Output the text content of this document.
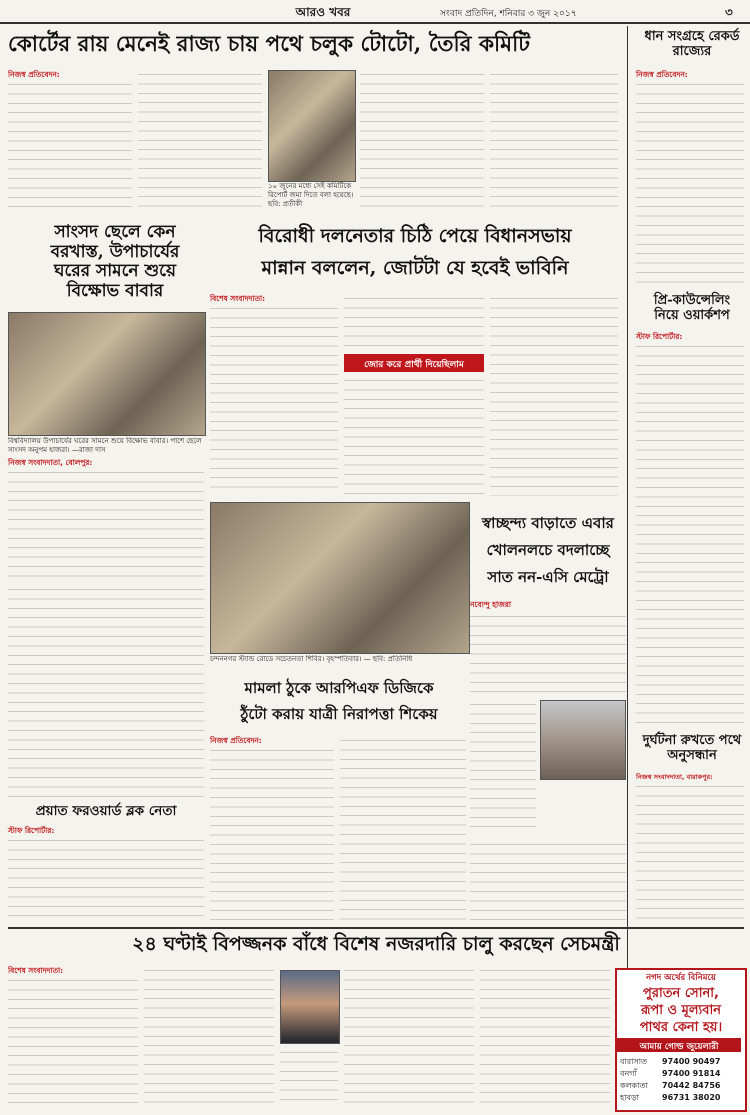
আরও খবর	সংবাদ প্রতিদিন, শনিবার ৩ জুন ২০১৭	৩
কোর্টের রায় মেনেই রাজ্য চায় পথে চলুক টোটো, তৈরি কমিটি
নিজস্ব প্রতিবেদন:
১০ জুনের মধ্যে সেই কমিটিকে রিপোর্ট জমা দিতে বলা হয়েছে। ছবি: প্রতীকী
ধান সংগ্রহে রেকর্ড রাজ্যের
নিজস্ব প্রতিবেদন:
সাংসদ ছেলে কেন বরখাস্ত, উপাচার্যের ঘরের সামনে শুয়ে বিক্ষোভ বাবার
বিশ্ববিদ্যালয় উপাচার্যের ঘরের সামনে শুয়ে বিক্ষোভ বাবার। পাশে ছেলে সাংসদ অনুপম হাজরা। —রাজা দাস
নিজস্ব সংবাদদাতা, বোলপুর:
বিরোধী দলনেতার চিঠি পেয়ে বিধানসভায়
মান্নান বললেন, জোটটা যে হবেই ভাবিনি
বিশেষ সংবাদদাতা:
জোর করে প্রার্থী দিয়েছিলাম
প্রি-কাউন্সেলিং নিয়ে ওয়ার্কশপ
স্টাফ রিপোর্টার:
চন্দননগর স্ট্যান্ড রোডে সচেতনতা শিবির। বৃহস্পতিবার। — ছবি: প্রতিনিধি
স্বাচ্ছন্দ্য বাড়াতে এবার
খোলনলচে বদলাচ্ছে
সাত নন-এসি মেট্রো
নব্যেন্দু হাজরা
মামলা ঠুকে আরপিএফ ডিজিকে
ঠুঁটো করায় যাত্রী নিরাপত্তা শিকেয়
নিজস্ব প্রতিবেদন:
প্রয়াত ফরওয়ার্ড ব্লক নেতা
স্টাফ রিপোর্টার:
দুর্ঘটনা রুখতে পথে অনুসন্ধান
নিজস্ব সংবাদদাতা, বারাকপুর:
২৪ ঘণ্টাই বিপজ্জনক বাঁধে বিশেষ নজরদারি চালু করছেন সেচমন্ত্রী
বিশেষ সংবাদদাতা:
নগদ অর্থের বিনিময়ে
পুরাতন সোনা,
রূপা ও মূল্যবান
পাথর কেনা হয়।
আমায় গোল্ড জুয়েলারী
বারাসাত 97400 90497
বনগাঁ	97400 91814
কলকাতা 70442 84756
হাবড়া	96731 38020
